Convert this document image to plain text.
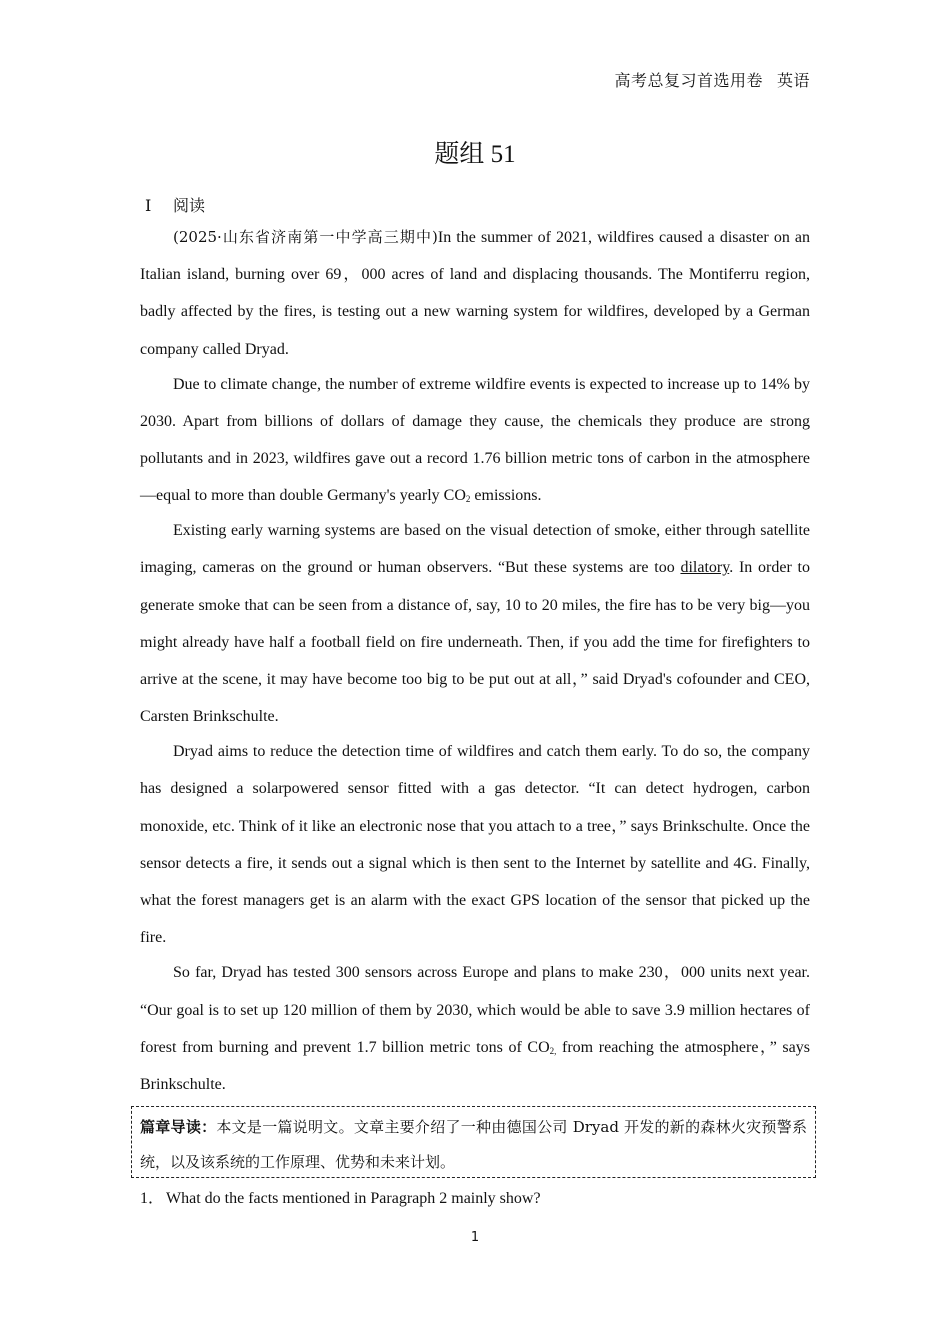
高考总复习首选用卷 英语
题组 51
Ⅰ 阅读

(2025·山东省济南第一中学高三期中)In the summer of 2021, wildfires caused a disaster on an Italian island, burning over 69，000 acres of land and displacing thousands. The Montiferru region, badly affected by the fires, is testing out a new warning system for wildfires, developed by a German company called Dryad.

Due to climate change, the number of extreme wildfire events is expected to increase up to 14% by 2030. Apart from billions of dollars of damage they cause, the chemicals they produce are strong pollutants and in 2023, wildfires gave out a record 1.76 billion metric tons of carbon in the atmosphere—equal to more than double Germany's yearly $CO_2$ emissions.

Existing early warning systems are based on the visual detection of smoke, either through satellite imaging, cameras on the ground or human observers. “But these systems are too dilatory. In order to generate smoke that can be seen from a distance of, say, 10 to 20 miles, the fire has to be very big—you might already have half a football field on fire underneath. Then, if you add the time for firefighters to arrive at the scene, it may have become too big to be put out at all，” said Dryad's cofounder and CEO, Carsten Brinkschulte.

Dryad aims to reduce the detection time of wildfires and catch them early. To do so, the company has designed a solarpowered sensor fitted with a gas detector. “It can detect hydrogen, carbon monoxide, etc. Think of it like an electronic nose that you attach to a tree，” says Brinkschulte. Once the sensor detects a fire, it sends out a signal which is then sent to the Internet by satellite and 4G. Finally, what the forest managers get is an alarm with the exact GPS location of the sensor that picked up the fire.

So far, Dryad has tested 300 sensors across Europe and plans to make 230，000 units next year. “Our goal is to set up 120 million of them by 2030, which would be able to save 3.9 million hectares of forest from burning and prevent 1.7 billion metric tons of $CO_{2,}$ from reaching the atmosphere，” says Brinkschulte.

篇章导读：本文是一篇说明文。文章主要介绍了一种由德国公司 Dryad 开发的新的森林火灾预警系统，以及该系统的工作原理、优势和未来计划。
1． What do the facts mentioned in Paragraph 2 mainly show?
1
